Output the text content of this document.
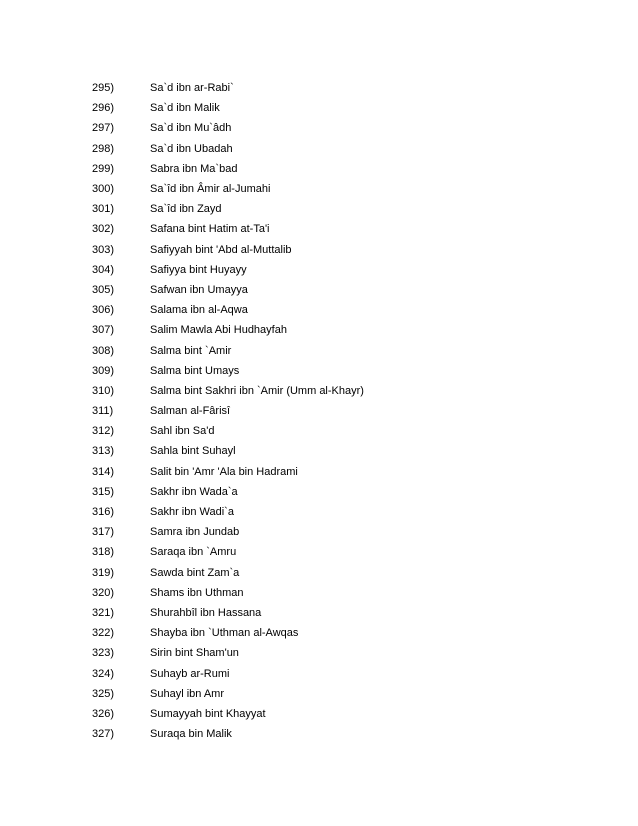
295)	Sa`d ibn ar-Rabi`
296)	Sa`d ibn Malik
297)	Sa`d ibn Mu`âdh
298)	Sa`d ibn Ubadah
299)	Sabra ibn Ma`bad
300)	Sa`îd ibn Âmir al-Jumahi
301)	Sa`îd ibn Zayd
302)	Safana bint Hatim at-Ta'i
303)	Safiyyah bint 'Abd al-Muttalib
304)	Safiyya bint Huyayy
305)	Safwan ibn Umayya
306)	Salama ibn al-Aqwa
307)	Salim Mawla Abi Hudhayfah
308)	Salma bint `Amir
309)	Salma bint Umays
310)	Salma bint Sakhri ibn `Amir (Umm al-Khayr)
311)	Salman al-Fârisî
312)	Sahl ibn Sa'd
313)	Sahla bint Suhayl
314)	Salit bin 'Amr 'Ala bin Hadrami
315)	Sakhr ibn Wada`a
316)	Sakhr ibn Wadi`a
317)	Samra ibn Jundab
318)	Saraqa ibn `Amru
319)	Sawda bint Zam`a
320)	Shams ibn Uthman
321)	Shurahbîl ibn Hassana
322)	Shayba ibn `Uthman al-Awqas
323)	Sirin bint Sham'un
324)	Suhayb ar-Rumi
325)	Suhayl ibn Amr
326)	Sumayyah bint Khayyat
327)	Suraqa bin Malik
